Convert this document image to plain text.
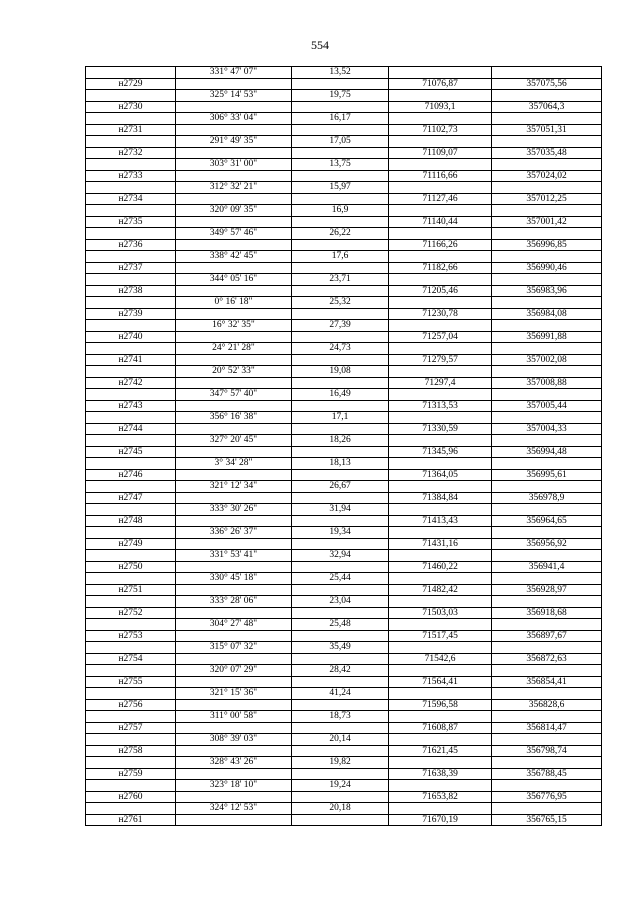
554
	331° 47' 07"	13,52		
н2729			71076,87	357075,56
	325° 14' 53"	19,75		
н2730			71093,1	357064,3
	306° 33' 04"	16,17		
н2731			71102,73	357051,31
	291° 49' 35"	17,05		
н2732			71109,07	357035,48
	303° 31' 00"	13,75		
н2733			71116,66	357024,02
	312° 32' 21"	15,97		
н2734			71127,46	357012,25
	320° 09' 35"	16,9		
н2735			71140,44	357001,42
	349° 57' 46"	26,22		
н2736			71166,26	356996,85
	338° 42' 45"	17,6		
н2737			71182,66	356990,46
	344° 05' 16"	23,71		
н2738			71205,46	356983,96
	0° 16' 18"	25,32		
н2739			71230,78	356984,08
	16° 32' 35"	27,39		
н2740			71257,04	356991,88
	24° 21' 28"	24,73		
н2741			71279,57	357002,08
	20° 52' 33"	19,08		
н2742			71297,4	357008,88
	347° 57' 40"	16,49		
н2743			71313,53	357005,44
	356° 16' 38"	17,1		
н2744			71330,59	357004,33
	327° 20' 45"	18,26		
н2745			71345,96	356994,48
	3° 34' 28"	18,13		
н2746			71364,05	356995,61
	321° 12' 34"	26,67		
н2747			71384,84	356978,9
	333° 30' 26"	31,94		
н2748			71413,43	356964,65
	336° 26' 37"	19,34		
н2749			71431,16	356956,92
	331° 53' 41"	32,94		
н2750			71460,22	356941,4
	330° 45' 18"	25,44		
н2751			71482,42	356928,97
	333° 28' 06"	23,04		
н2752			71503,03	356918,68
	304° 27' 48"	25,48		
н2753			71517,45	356897,67
	315° 07' 32"	35,49		
н2754			71542,6	356872,63
	320° 07' 29"	28,42		
н2755			71564,41	356854,41
	321° 15' 36"	41,24		
н2756			71596,58	356828,6
	311° 00' 58"	18,73		
н2757			71608,87	356814,47
	308° 39' 03"	20,14		
н2758			71621,45	356798,74
	328° 43' 26"	19,82		
н2759			71638,39	356788,45
	323° 18' 10"	19,24		
н2760			71653,82	356776,95
	324° 12' 53"	20,18		
н2761			71670,19	356765,15
